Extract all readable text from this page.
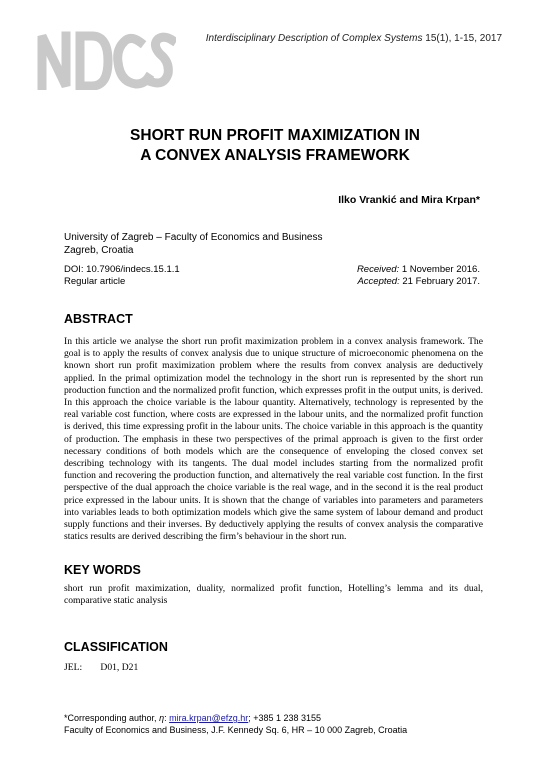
Interdisciplinary Description of Complex Systems 15(1), 1-15, 2017
SHORT RUN PROFIT MAXIMIZATION IN
A CONVEX ANALYSIS FRAMEWORK
Ilko Vrankić and Mira Krpan*
University of Zagreb – Faculty of Economics and Business
Zagreb, Croatia
DOI: 10.7906/indecs.15.1.1
Regular article
Received: 1 November 2016.
Accepted: 21 February 2017.
ABSTRACT
In this article we analyse the short run profit maximization problem in a convex analysis framework. The goal is to apply the results of convex analysis due to unique structure of microeconomic phenomena on the known short run profit maximization problem where the results from convex analysis are deductively applied. In the primal optimization model the technology in the short run is represented by the short run production function and the normalized profit function, which expresses profit in the output units, is derived. In this approach the choice variable is the labour quantity. Alternatively, technology is represented by the real variable cost function, where costs are expressed in the labour units, and the normalized profit function is derived, this time expressing profit in the labour units. The choice variable in this approach is the quantity of production. The emphasis in these two perspectives of the primal approach is given to the first order necessary conditions of both models which are the consequence of enveloping the closed convex set describing technology with its tangents. The dual model includes starting from the normalized profit function and recovering the production function, and alternatively the real variable cost function. In the first perspective of the dual approach the choice variable is the real wage, and in the second it is the real product price expressed in the labour units. It is shown that the change of variables into parameters and parameters into variables leads to both optimization models which give the same system of labour demand and product supply functions and their inverses. By deductively applying the results of convex analysis the comparative statics results are derived describing the firm’s behaviour in the short run.
KEY WORDS
short run profit maximization, duality, normalized profit function, Hotelling’s lemma and its dual, comparative static analysis
CLASSIFICATION
JEL: D01, D21
*Corresponding author, η: mira.krpan@efzg.hr; +385 1 238 3155
Faculty of Economics and Business, J.F. Kennedy Sq. 6, HR – 10 000 Zagreb, Croatia
